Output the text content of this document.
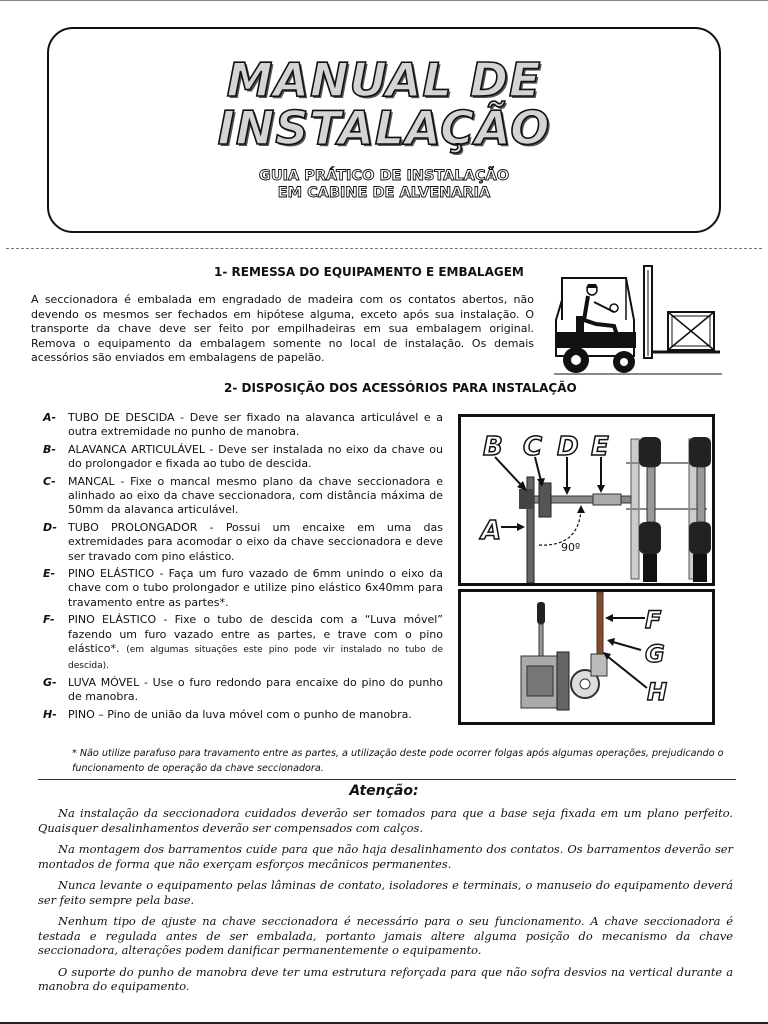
MANUAL DE
INSTALAÇÃO
GUIA PRÁTICO DE INSTALAÇÃO
EM CABINE DE ALVENARIA
1- REMESSA DO EQUIPAMENTO E EMBALAGEM
A seccionadora é embalada em engradado de madeira com os contatos abertos, não devendo os mesmos ser fechados em hipótese alguma, exceto após sua instalação. O transporte da chave deve ser feito por empilhadeiras em sua embalagem original. Remova o equipamento da embalagem somente no local de instalação. Os demais acessórios são enviados em embalagens de papelão.
2- DISPOSIÇÃO DOS ACESSÓRIOS PARA INSTALAÇÃO
A- TUBO DE DESCIDA - Deve ser fixado na alavanca articulável e a outra extremidade no punho de manobra.
B- ALAVANCA ARTICULÁVEL - Deve ser instalada no eixo da chave ou do prolongador e fixada ao tubo de descida.
C- MANCAL - Fixe o mancal mesmo plano da chave seccionadora e alinhado ao eixo da chave seccionadora, com distância máxima de 50mm da alavanca articulável.
D- TUBO PROLONGADOR - Possui um encaixe em uma das extremidades para acomodar o eixo da chave seccionadora e deve ser travado com pino elástico.
E- PINO ELÁSTICO - Faça um furo vazado de 6mm unindo o eixo da chave com o tubo prolongador e utilize pino elástico 6x40mm para travamento entre as partes*.
F- PINO ELÁSTICO - Fixe o tubo de descida com a “Luva móvel” fazendo um furo vazado entre as partes, e trave com o pino elástico*. (em algumas situações este pino pode vir instalado no tubo de descida).
G- LUVA MÓVEL - Use o furo redondo para encaixe do pino do punho de manobra.
H- PINO – Pino de união da luva móvel com o punho de manobra.
B C D E
A
90º
F
G
H
* Não utilize parafuso para travamento entre as partes, a utilização deste pode ocorrer folgas após algumas operações, prejudicando o funcionamento de operação da chave seccionadora.
Atenção:

Na instalação da seccionadora cuidados deverão ser tomados para que a base seja fixada em um plano perfeito. Quaisquer desalinhamentos deverão ser compensados com calços.

Na montagem dos barramentos cuide para que não haja desalinhamento dos contatos. Os barramentos deverão ser montados de forma que não exerçam esforços mecânicos permanentes.

Nunca levante o equipamento pelas lâminas de contato, isoladores e terminais, o manuseio do equipamento deverá ser feito sempre pela base.

Nenhum tipo de ajuste na chave seccionadora é necessário para o seu funcionamento. A chave seccionadora é testada e regulada antes de ser embalada, portanto jamais altere alguma posição do mecanismo da chave seccionadora, alterações podem danificar permanentemente o equipamento.

O suporte do punho de manobra deve ter uma estrutura reforçada para que não sofra desvios na vertical durante a manobra do equipamento.
